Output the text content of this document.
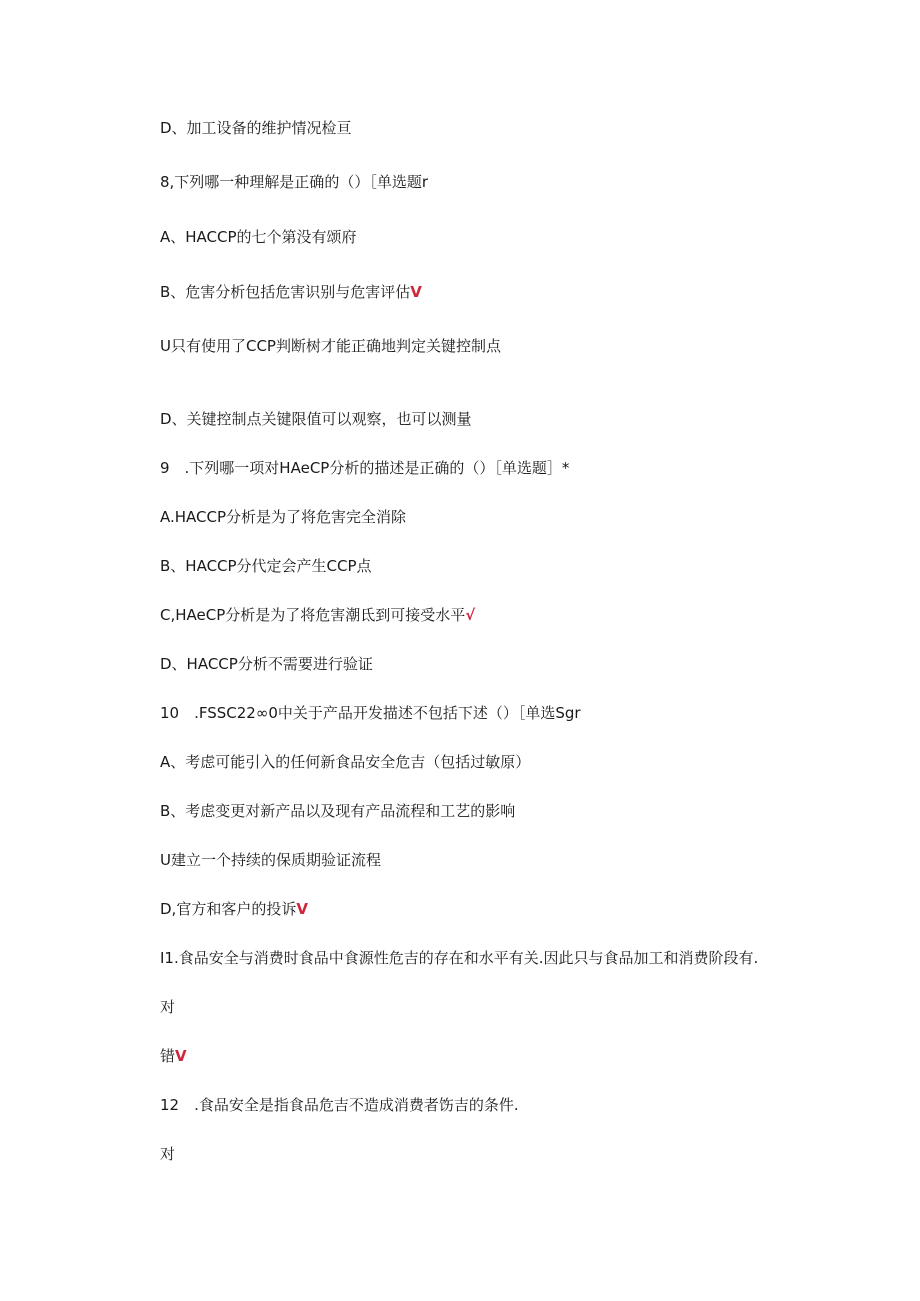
D、加工设备的维护情况检亘
8,下列哪一种理解是正确的（）［单选题r
A、HACCP的七个第没有颂府
B、危害分析包括危害识别与危害评估V
U只有使用了CCP判断树才能正确地判定关键控制点
D、关键控制点关键限值可以观察，也可以测量
9　.下列哪一项对HAeCP分析的描述是正确的（）［单选题］*
A.HACCP分析是为了将危害完全消除
B、HACCP分代定会产生CCP点
C,HAeCP分析是为了将危害潮氐到可接受水平√
D、HACCP分析不需要进行验证
10　.FSSC22∞0中关于产品开发描述不包括下述（）［单选Sgr
A、考虑可能引入的任何新食品安全危吉（包括过敏原）
B、考虑变更对新产品以及现有产品流程和工艺的影响
U建立一个持续的保质期验证流程
D,官方和客户的投诉V
I1.食品安全与消费时食品中食源性危吉的存在和水平有关.因此只与食品加工和消费阶段有.
对
错V
12　.食品安全是指食品危吉不造成消费者饬吉的条件.
对
